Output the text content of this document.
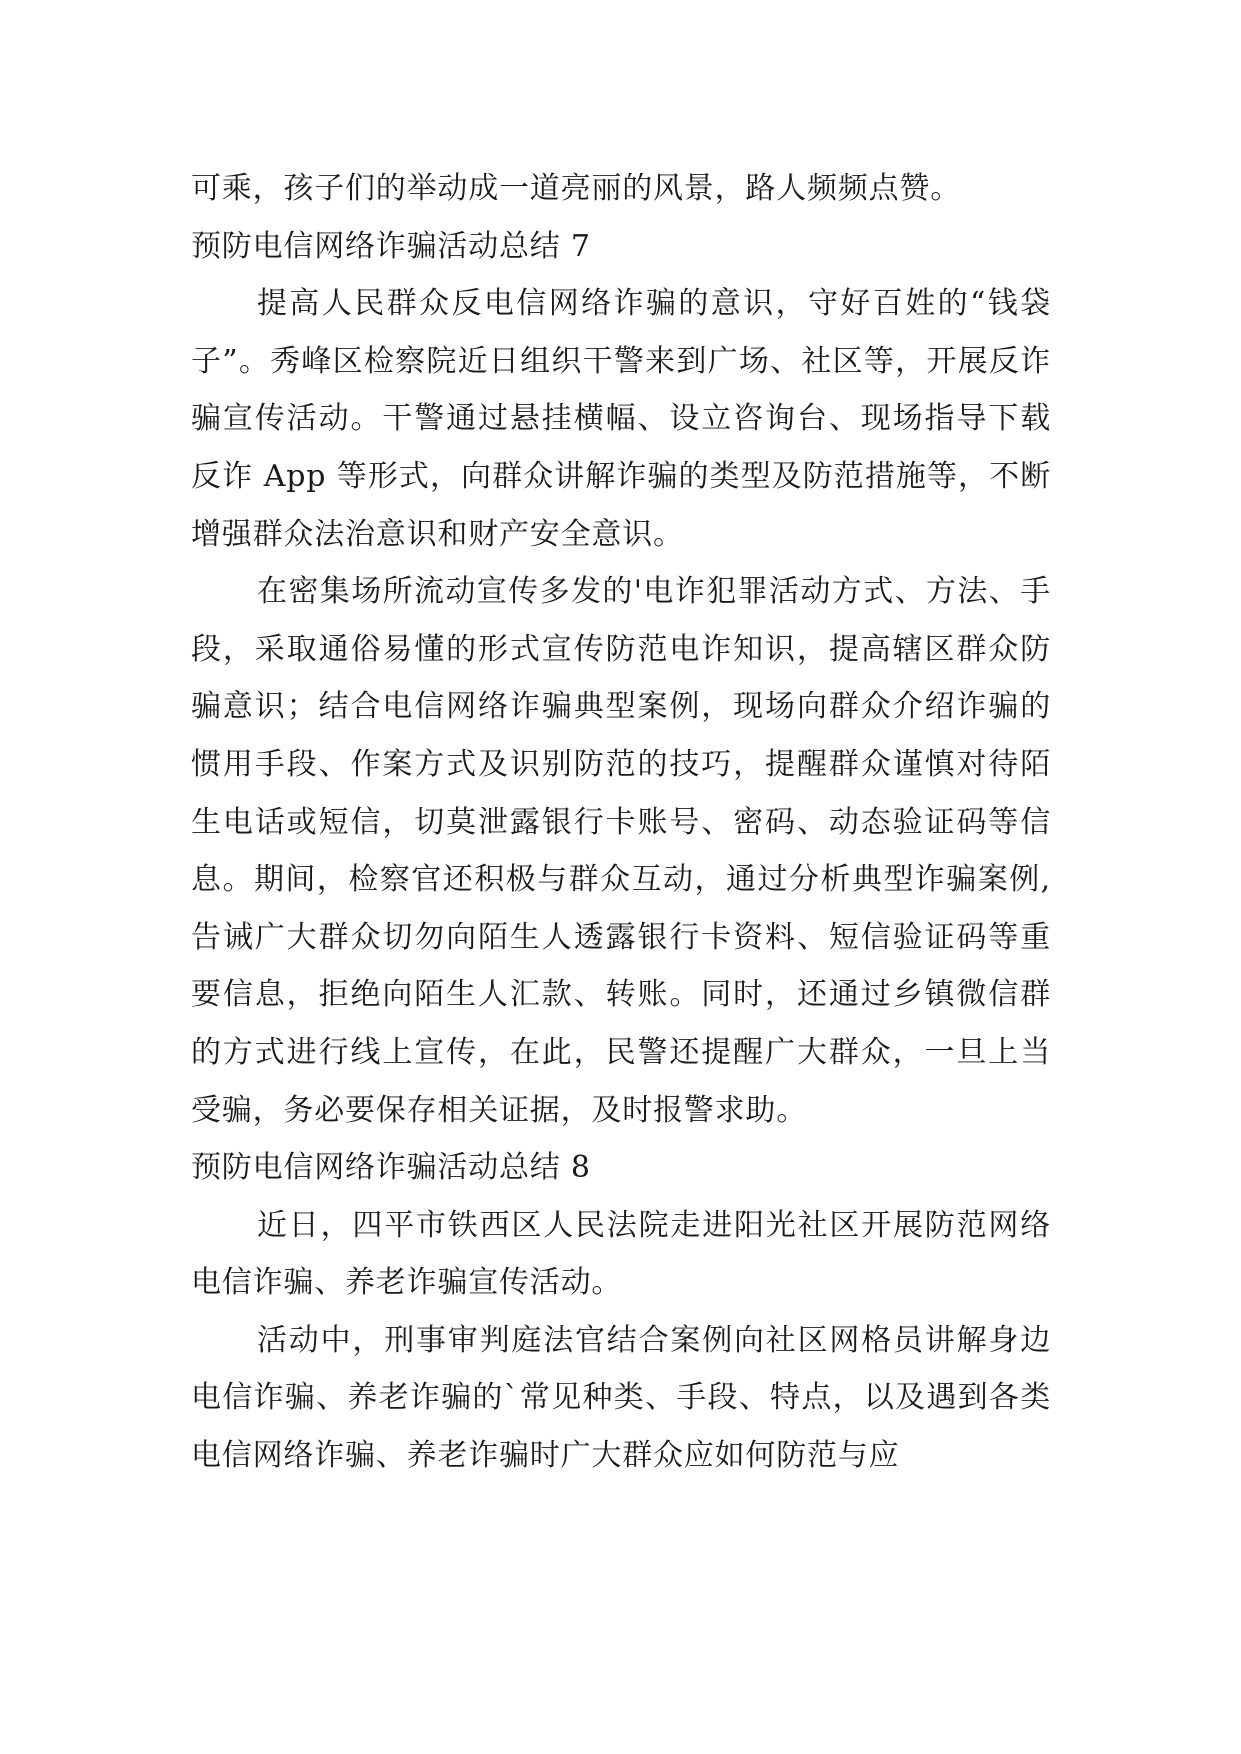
可乘，孩子们的举动成一道亮丽的风景，路人频频点赞。

预防电信网络诈骗活动总结 7

提高人民群众反电信网络诈骗的意识，守好百姓的“钱袋子”。秀峰区检察院近日组织干警来到广场、社区等，开展反诈骗宣传活动。干警通过悬挂横幅、设立咨询台、现场指导下载反诈 App 等形式，向群众讲解诈骗的类型及防范措施等，不断增强群众法治意识和财产安全意识。

在密集场所流动宣传多发的'电诈犯罪活动方式、方法、手段，采取通俗易懂的形式宣传防范电诈知识，提高辖区群众防骗意识；结合电信网络诈骗典型案例，现场向群众介绍诈骗的惯用手段、作案方式及识别防范的技巧，提醒群众谨慎对待陌生电话或短信，切莫泄露银行卡账号、密码、动态验证码等信息。期间，检察官还积极与群众互动，通过分析典型诈骗案例,告诫广大群众切勿向陌生人透露银行卡资料、短信验证码等重要信息，拒绝向陌生人汇款、转账。同时，还通过乡镇微信群的方式进行线上宣传，在此，民警还提醒广大群众，一旦上当受骗，务必要保存相关证据，及时报警求助。

预防电信网络诈骗活动总结 8

近日，四平市铁西区人民法院走进阳光社区开展防范网络电信诈骗、养老诈骗宣传活动。

活动中，刑事审判庭法官结合案例向社区网格员讲解身边电信诈骗、养老诈骗的`常见种类、手段、特点，以及遇到各类电信网络诈骗、养老诈骗时广大群众应如何防范与应
